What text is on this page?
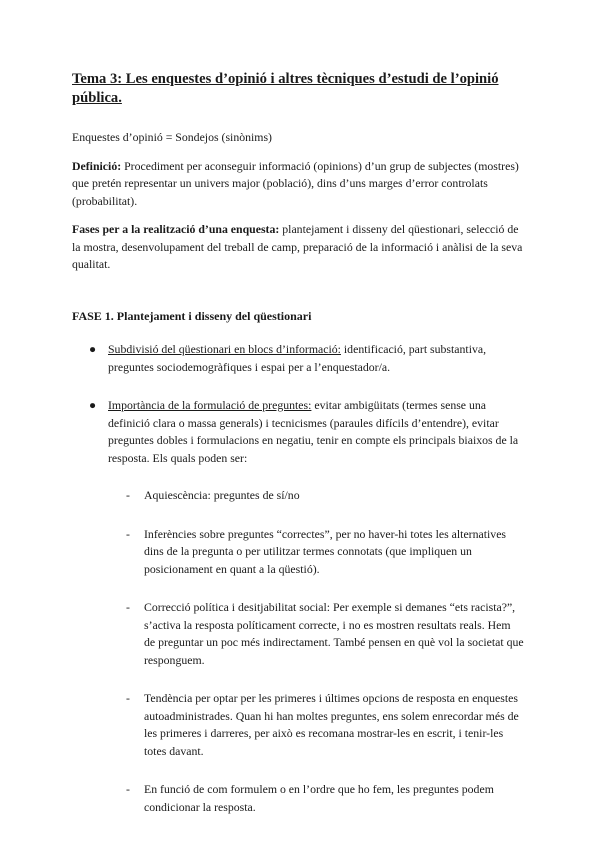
Tema 3: Les enquestes d’opinió i altres tècniques d’estudi de l’opinió pública.

Enquestes d’opinió = Sondejos (sinònims)

Definició: Procediment per aconseguir informació (opinions) d’un grup de subjectes (mostres) que pretén representar un univers major (població), dins d’uns marges d’error controlats (probabilitat).

Fases per a la realització d’una enquesta: plantejament i disseny del qüestionari, selecció de la mostra, desenvolupament del treball de camp, preparació de la informació i anàlisi de la seva qualitat.

FASE 1. Plantejament i disseny del qüestionari
● Subdivisió del qüestionari en blocs d’informació: identificació, part substantiva, preguntes sociodemogràfiques i espai per a l’enquestador/a.
● Importància de la formulació de preguntes: evitar ambigüitats (termes sense una definició clara o massa generals) i tecnicismes (paraules difícils d’entendre), evitar preguntes dobles i formulacions en negatiu, tenir en compte els principals biaixos de la resposta. Els quals poden ser:
- Aquiescència: preguntes de sí/no
- Inferències sobre preguntes “correctes”, per no haver-hi totes les alternatives dins de la pregunta o per utilitzar termes connotats (que impliquen un posicionament en quant a la qüestió).
- Correcció política i desitjabilitat social: Per exemple si demanes “ets racista?”, s’activa la resposta políticament correcte, i no es mostren resultats reals. Hem de preguntar un poc més indirectament. També pensen en què vol la societat que responguem.
- Tendència per optar per les primeres i últimes opcions de resposta en enquestes autoadministrades. Quan hi han moltes preguntes, ens solem enrecordar més de les primeres i darreres, per això es recomana mostrar-les en escrit, i tenir-les totes davant.
- En funció de com formulem o en l’ordre que ho fem, les preguntes podem condicionar la resposta.
